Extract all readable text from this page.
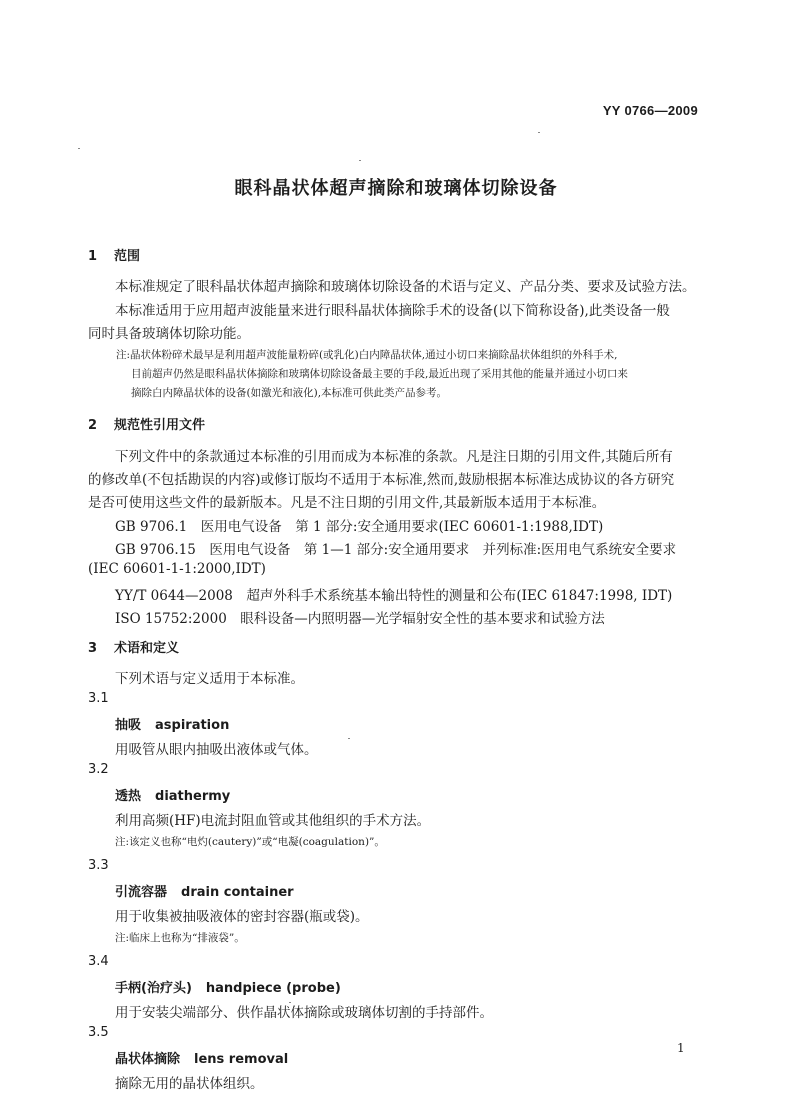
YY 0766—2009
眼科晶状体超声摘除和玻璃体切除设备
1 范围
本标准规定了眼科晶状体超声摘除和玻璃体切除设备的术语与定义、产品分类、要求及试验方法。
本标准适用于应用超声波能量来进行眼科晶状体摘除手术的设备(以下简称设备),此类设备一般
同时具备玻璃体切除功能。
注:晶状体粉碎术最早是利用超声波能量粉碎(或乳化)白内障晶状体,通过小切口来摘除晶状体组织的外科手术,
目前超声仍然是眼科晶状体摘除和玻璃体切除设备最主要的手段,最近出现了采用其他的能量并通过小切口来
摘除白内障晶状体的设备(如激光和液化),本标准可供此类产品参考。
2 规范性引用文件
下列文件中的条款通过本标准的引用而成为本标准的条款。凡是注日期的引用文件,其随后所有
的修改单(不包括勘误的内容)或修订版均不适用于本标准,然而,鼓励根据本标准达成协议的各方研究
是否可使用这些文件的最新版本。凡是不注日期的引用文件,其最新版本适用于本标准。
GB 9706.1　医用电气设备　第 1 部分:安全通用要求(IEC 60601-1:1988,IDT)
GB 9706.15　医用电气设备　第 1—1 部分:安全通用要求　并列标准:医用电气系统安全要求
(IEC 60601-1-1:2000,IDT)
YY/T 0644—2008　超声外科手术系统基本输出特性的测量和公布(IEC 61847:1998, IDT)
ISO 15752:2000　眼科设备—内照明器—光学辐射安全性的基本要求和试验方法
3 术语和定义
下列术语与定义适用于本标准。
3.1
抽吸 aspiration
用吸管从眼内抽吸出液体或气体。
3.2
透热 diathermy
利用高频(HF)电流封阻血管或其他组织的手术方法。
注:该定义也称“电灼(cautery)”或“电凝(coagulation)”。
3.3
引流容器 drain container
用于收集被抽吸液体的密封容器(瓶或袋)。
注:临床上也称为“排液袋”。
3.4
手柄(治疗头) handpiece (probe)
用于安装尖端部分、供作晶状体摘除或玻璃体切割的手持部件。
3.5
晶状体摘除 lens removal
摘除无用的晶状体组织。
1
